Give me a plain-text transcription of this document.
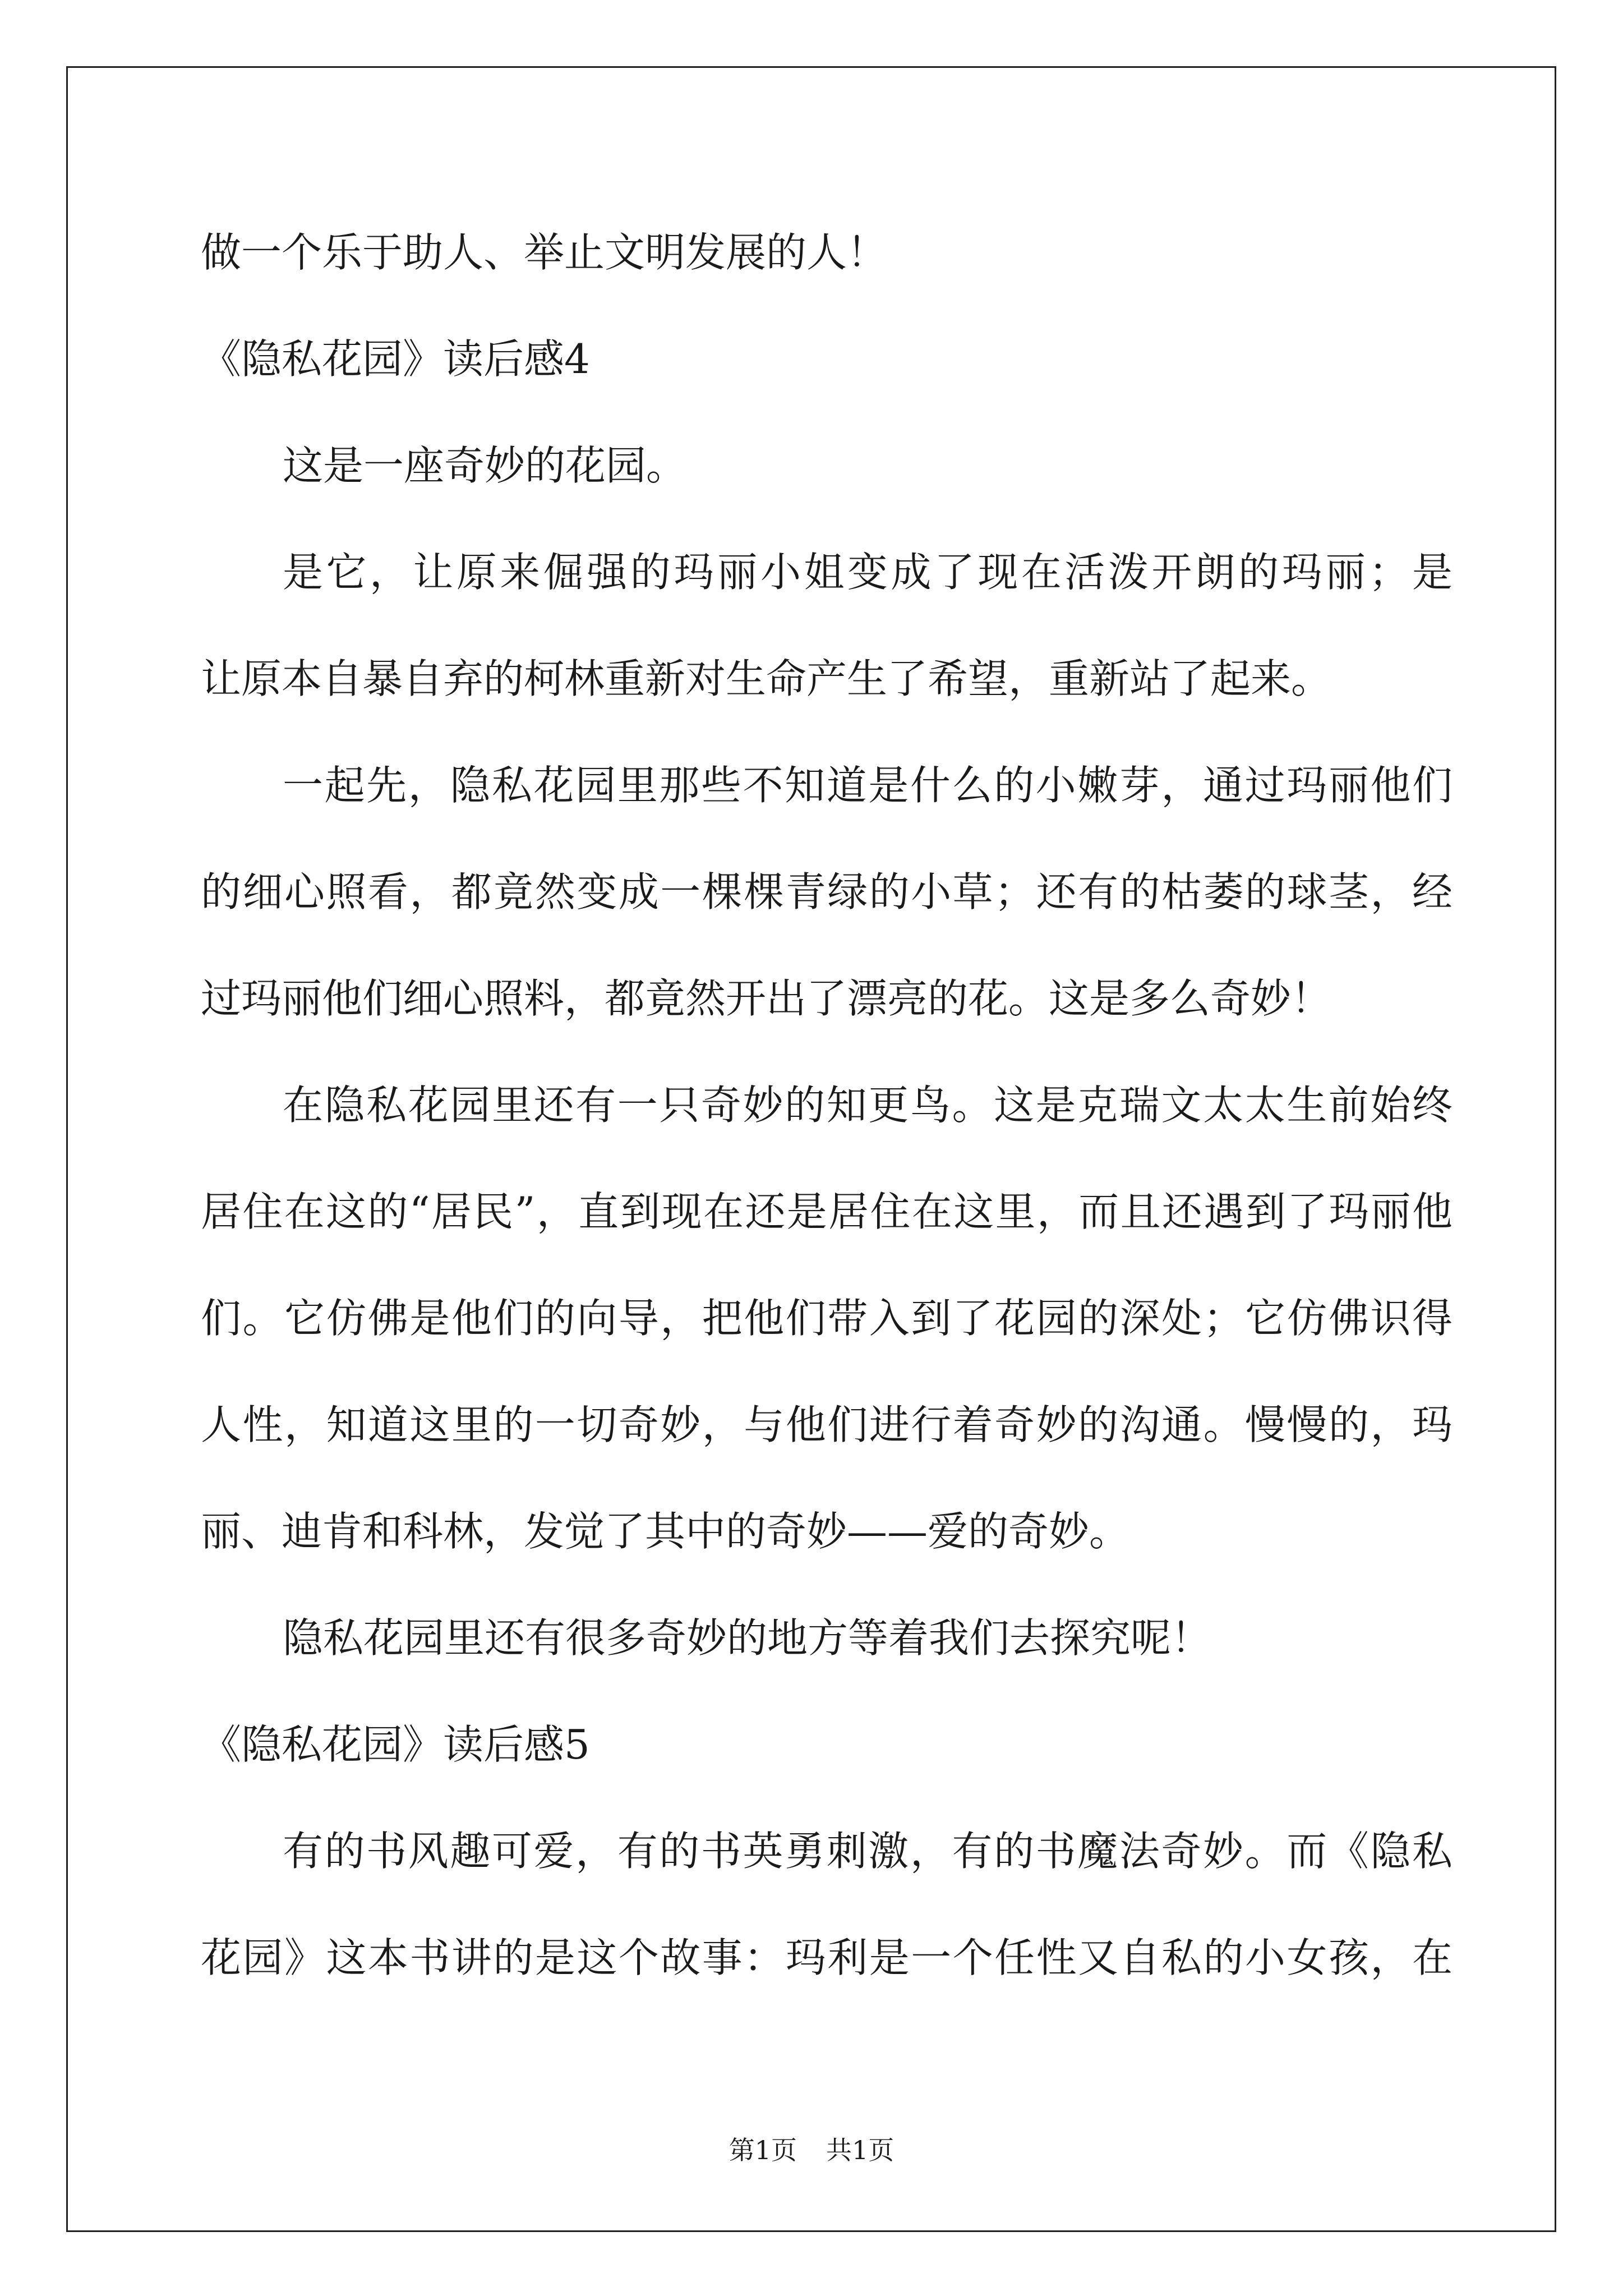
做一个乐于助人、举止文明发展的人！
《隐私花园》读后感4
这是一座奇妙的花园。
是它，让原来倔强的玛丽小姐变成了现在活泼开朗的玛丽；是
让原本自暴自弃的柯林重新对生命产生了希望，重新站了起来。
一起先，隐私花园里那些不知道是什么的小嫩芽，通过玛丽他们
的细心照看，都竟然变成一棵棵青绿的小草；还有的枯萎的球茎，经
过玛丽他们细心照料，都竟然开出了漂亮的花。这是多么奇妙！
在隐私花园里还有一只奇妙的知更鸟。这是克瑞文太太生前始终
居住在这的“居民”，直到现在还是居住在这里，而且还遇到了玛丽他
们。它仿佛是他们的向导，把他们带入到了花园的深处；它仿佛识得
人性，知道这里的一切奇妙，与他们进行着奇妙的沟通。慢慢的，玛
丽、迪肯和科林，发觉了其中的奇妙——爱的奇妙。
隐私花园里还有很多奇妙的地方等着我们去探究呢！
《隐私花园》读后感5
有的书风趣可爱，有的书英勇刺激，有的书魔法奇妙。而《隐私
花园》这本书讲的是这个故事：玛利是一个任性又自私的小女孩，在
第1页 共1页
